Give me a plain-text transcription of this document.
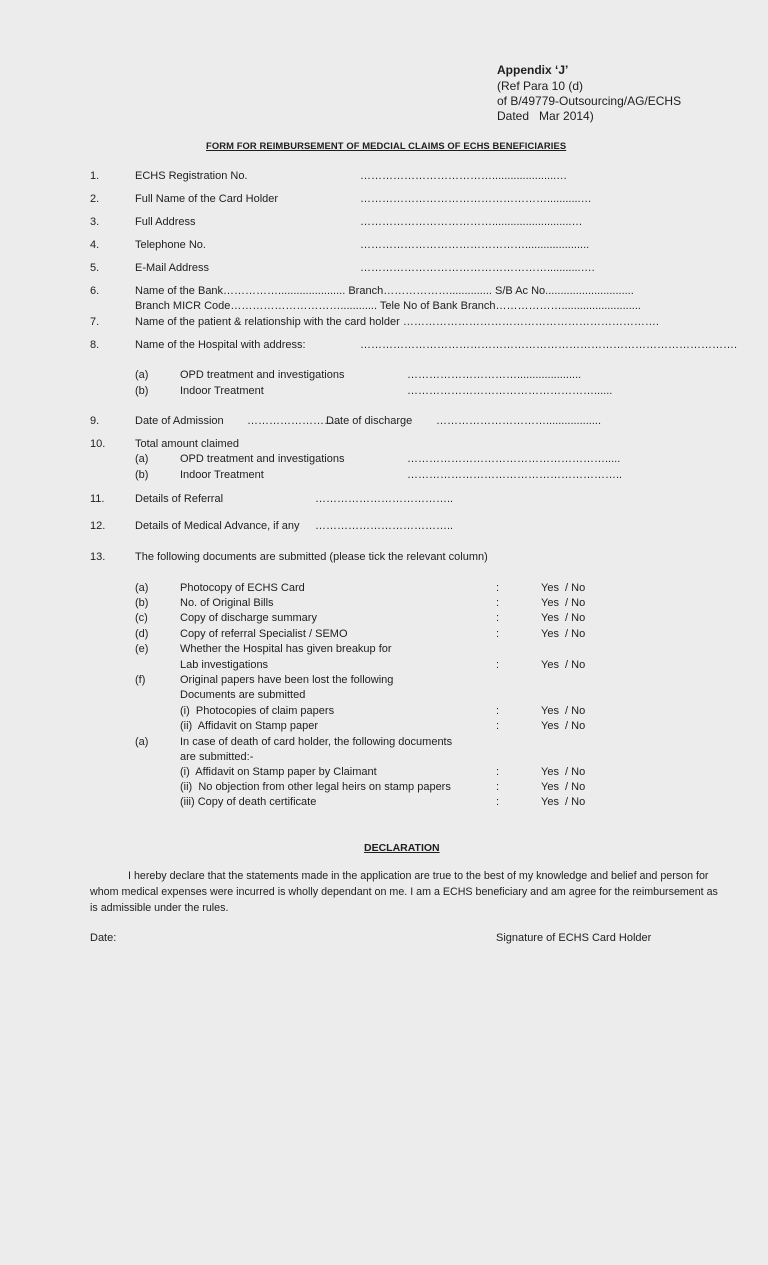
Appendix ‘J’
(Ref Para 10 (d)
of B/49779-Outsourcing/AG/ECHS
Dated   Mar 2014)
FORM FOR REIMBURSEMENT OF MEDCIAL CLAIMS OF ECHS BENEFICIARIES
1.	ECHS Registration No.	……………………………….....................…
2.	Full Name of the Card Holder	……………………………………………...........…
3.	Full Address	………………………………..........................…
4.	Telephone No.	……………………………………….....................
5.	E-Mail Address	……………………………………………...........….
6.	Name of the Bank……………...................... Branch……………….............. S/B Ac No.............................
Branch MICR Code…………………………............ Tele No of Bank Branch………………..........................
7.	Name of the patient & relationship with the card holder …………………………………………………………….
8.	Name of the Hospital with address:	………………………………………………………………………………………….
(a)	OPD treatment and investigations	………………………….....................
(b)	Indoor Treatment	……………………………………………......
9.	Date of Admission ……………………..
Date of discharge …………………………..................
10.	Total amount claimed
(a)	OPD treatment and investigations	……………………………………………….....
(b)	Indoor Treatment	…………………………………………………..
11.	Details of Referral	………………………………..
12.	Details of Medical Advance, if any ………………………………..
13.	The following documents are submitted (please tick the relevant column)
(a)	Photocopy of ECHS Card	:	Yes  / No
(b)	No. of Original Bills	:	Yes  / No
(c)	Copy of discharge summary	:	Yes  / No
(d)	Copy of referral Specialist / SEMO	:	Yes  / No
(e)	Whether the Hospital has given breakup for
Lab investigations	:	Yes  / No
(f)	Original papers have been lost the following
Documents are submitted
(i)  Photocopies of claim papers	:	Yes  / No
(ii)  Affidavit on Stamp paper	:	Yes  / No
(a)	In case of death of card holder, the following documents
are submitted:-
(i)  Affidavit on Stamp paper by Claimant	:	Yes  / No
(ii)  No objection from other legal heirs on stamp papers	:	Yes  / No
(iii) Copy of death certificate	:	Yes  / No
DECLARATION
I hereby declare that the statements made in the application are true to the best of my knowledge and belief and person for whom medical expenses were incurred is wholly dependant on me. I am a ECHS beneficiary and am agree for the reimbursement as is admissible under the rules.
Date:	Signature of ECHS Card Holder
